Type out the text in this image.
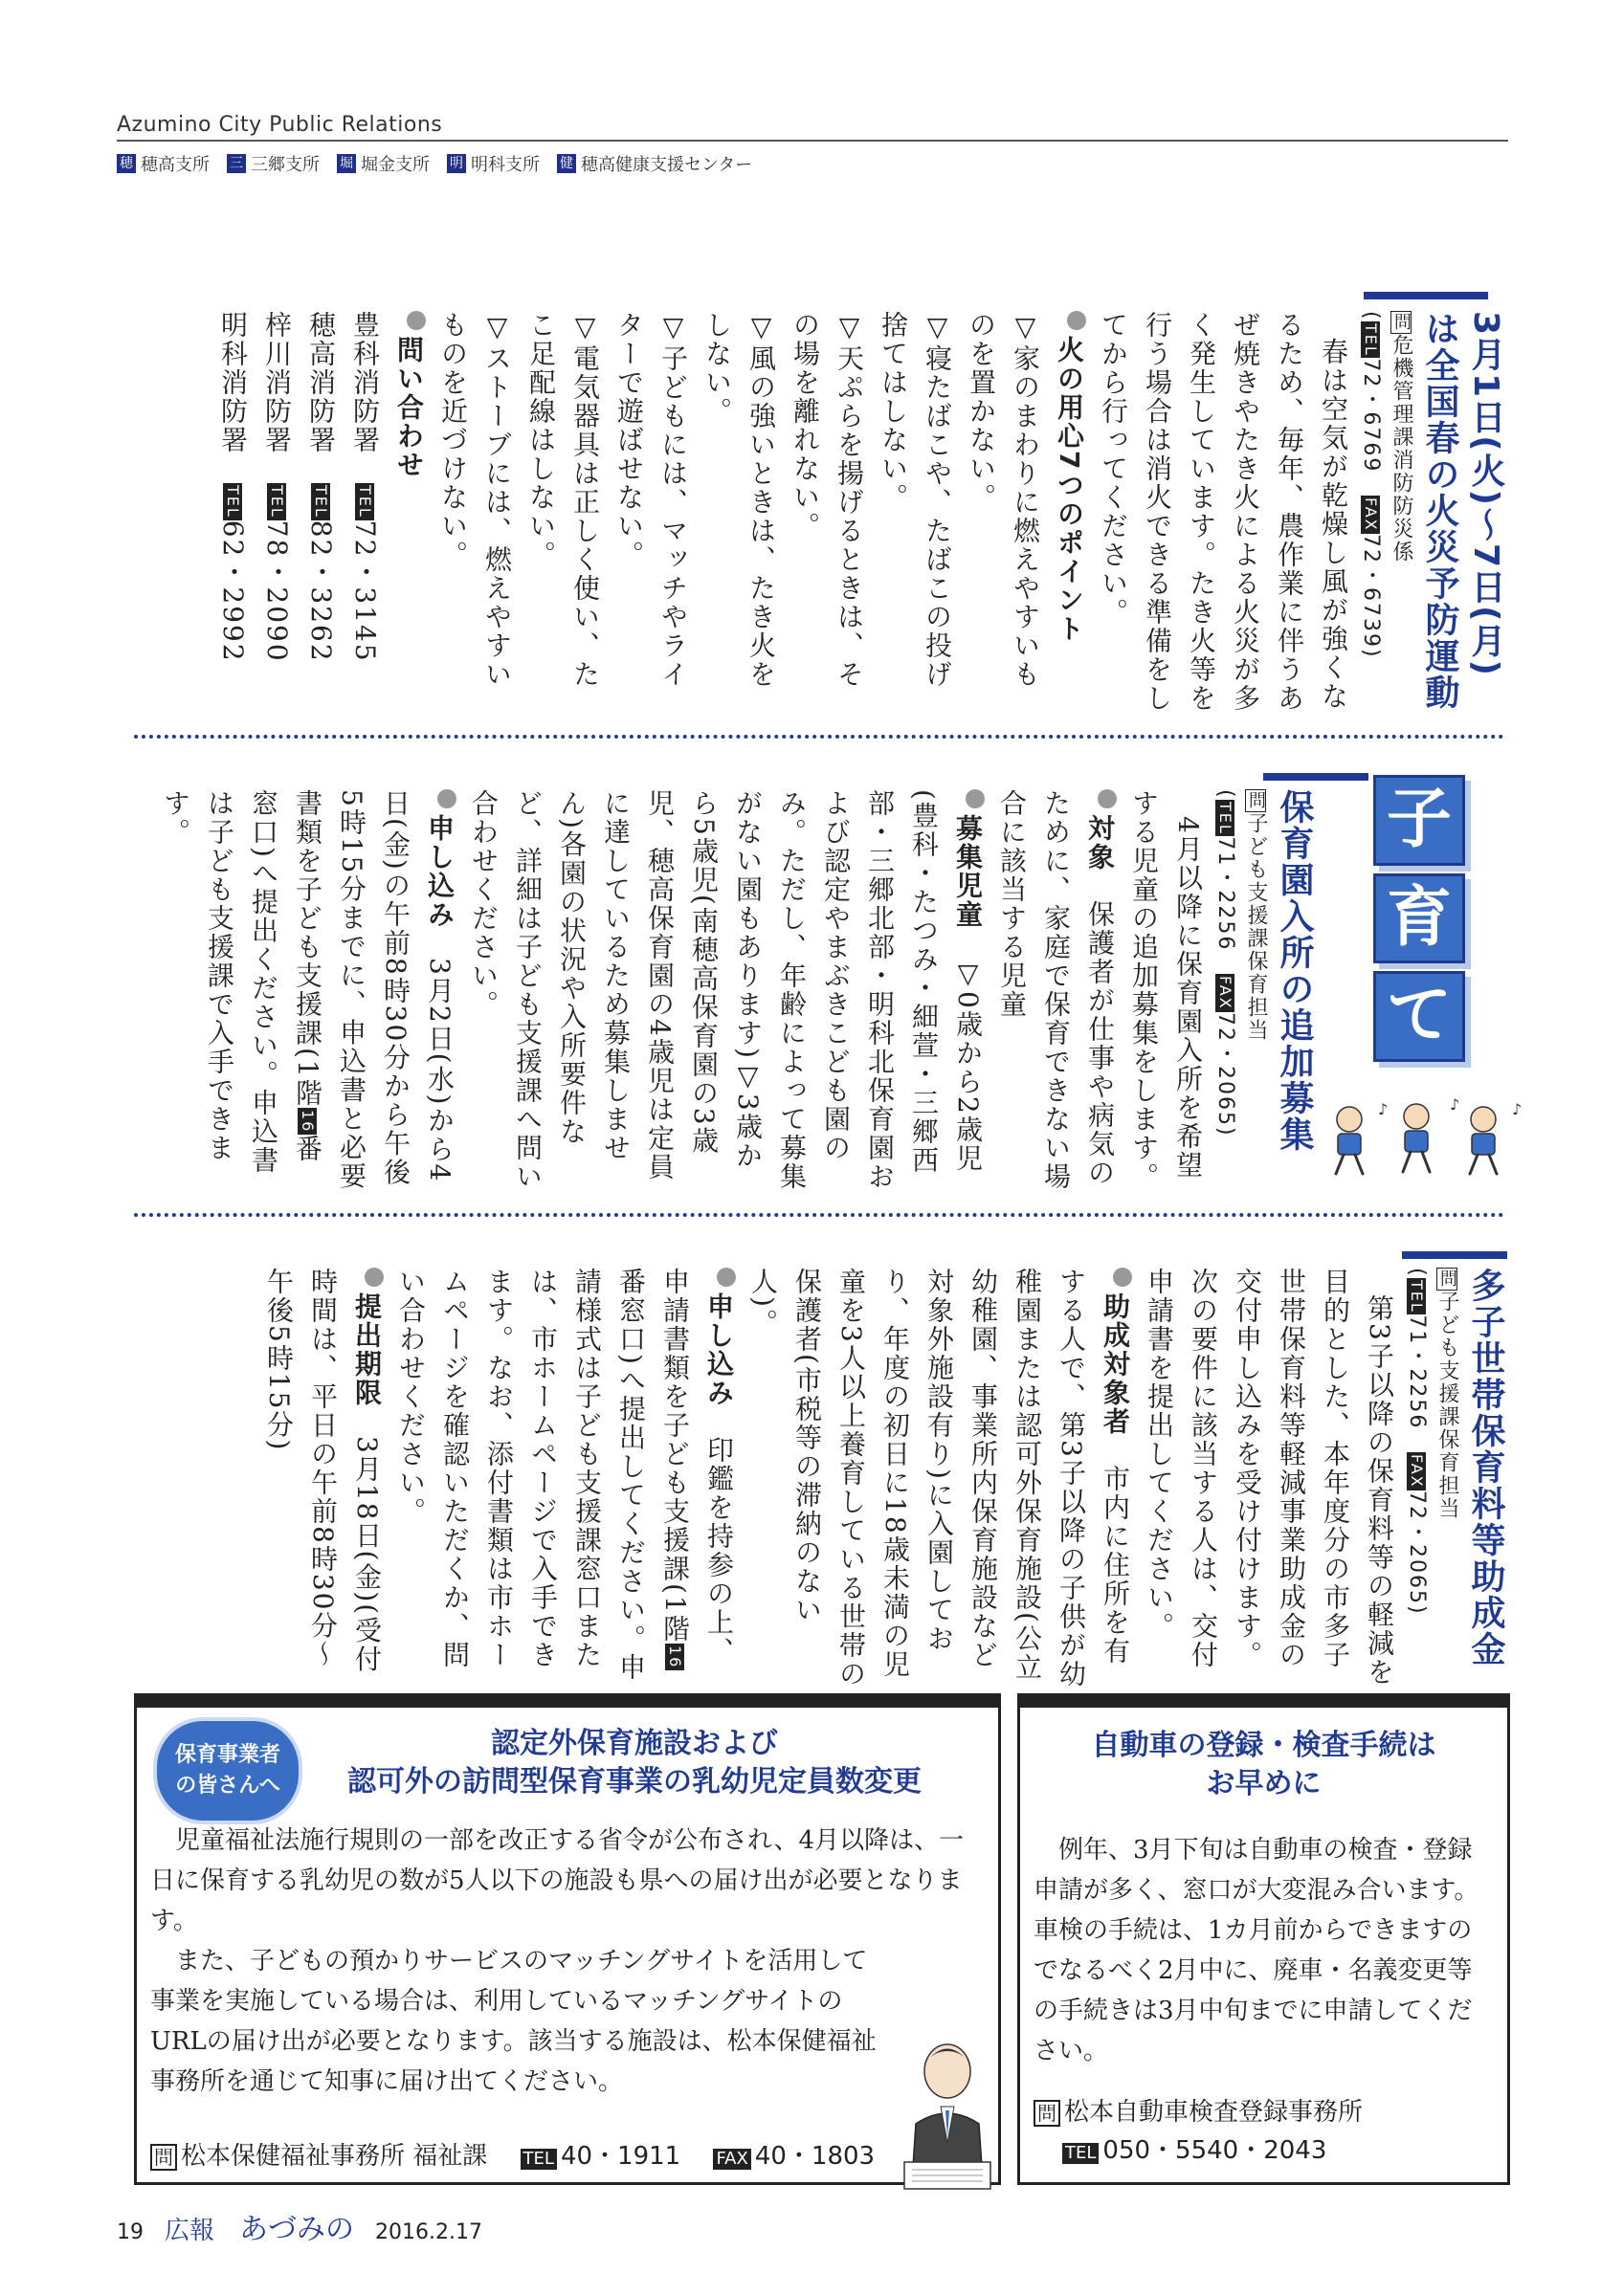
Azumino City Public Relations
穂 穂高支所 三 三郷支所 堀 堀金支所 明 明科支所 健 穂高健康支援センター

3月1日(火)～7日(月)は全国春の火災予防運動

問危機管理課消防防災係

(TEL72・6769　FAX72・6739)

春は空気が乾燥し風が強くなるため、毎年、農作業に伴うあぜ焼きやたき火による火災が多く発生しています。たき火等を行う場合は消火できる準備をしてから行ってください。

火の用心7つのポイント

▽家のまわりに燃えやすいものを置かない。

▽寝たばこや、たばこの投げ捨てはしない。

▽天ぷらを揚げるときは、その場を離れない。

▽風の強いときは、たき火をしない。

▽子どもには、マッチやライターで遊ばせない。

▽電気器具は正しく使い、たこ足配線はしない。

▽ストーブには、燃えやすいものを近づけない。

問い合わせ

豊科消防署　TEL72・3145

穂高消防署　TEL82・3262

梓川消防署　TEL78・2090

明科消防署　TEL62・2992

子
育
て
♪	♪	♪

保育園入所の追加募集

問子ども支援課保育担当

(TEL71・2256　FAX72・2065)

4月以降に保育園入所を希望する児童の追加募集をします。

対象　保護者が仕事や病気のために、家庭で保育できない場合に該当する児童

募集児童　▽0歳から2歳児(豊科・たつみ・細萱・三郷西部・三郷北部・明科北保育園および認定やまぶきこども園のみ。ただし、年齢によって募集がない園もあります)▽3歳から5歳児(南穂高保育園の3歳児、穂高保育園の4歳児は定員に達しているため募集しません)各園の状況や入所要件など、詳細は子ども支援課へ問い合わせください。

申し込み　3月2日(水)から4日(金)の午前8時30分から午後5時15分までに、申込書と必要書類を子ども支援課(1階16番窓口)へ提出ください。申込書は子ども支援課で入手できます。

多子世帯保育料等助成金

問子ども支援課保育担当

(TEL71・2256　FAX72・2065)

第3子以降の保育料等の軽減を目的とした、本年度分の市多子世帯保育料等軽減事業助成金の交付申し込みを受け付けます。次の要件に該当する人は、交付申請書を提出してください。

助成対象者　市内に住所を有する人で、第3子以降の子供が幼稚園または認可外保育施設(公立幼稚園、事業所内保育施設など対象外施設有り)に入園しており、年度の初日に18歳未満の児童を3人以上養育している世帯の保護者(市税等の滞納のない人)。

申し込み　印鑑を持参の上、申請書類を子ども支援課(1階16番窓口)へ提出してください。申請様式は子ども支援課窓口または、市ホームページで入手できます。なお、添付書類は市ホームページを確認いただくか、問い合わせください。

提出期限　3月18日(金)(受付時間は、平日の午前8時30分～午後5時15分)

認定外保育施設および
認可外の訪問型保育事業の乳幼児定員数変更

児童福祉法施行規則の一部を改正する省令が公布され、4月以降は、一日に保育する乳幼児の数が5人以下の施設も県への届け出が必要となります。

また、子どもの預かりサービスのマッチングサイトを活用して事業を実施している場合は、利用しているマッチングサイトのURLの届け出が必要となります。該当する施設は、松本保健福祉事務所を通じて知事に届け出てください。

問 松本保健福祉事務所 福祉課 　 TEL 40・1911 　 FAX 40・1803
保育事業者
の皆さんへ
自動車の登録・検査手続は
お早めに

例年、3月下旬は自動車の検査・登録申請が多く、窓口が大変混み合います。車検の手続は、1カ月前からできますのでなるべく2月中に、廃車・名義変更等の手続きは3月中旬までに申請してください。

問 松本自動車検査登録事務所
TEL 050・5540・2043
19 広報　 あづみの 2016.2.17
